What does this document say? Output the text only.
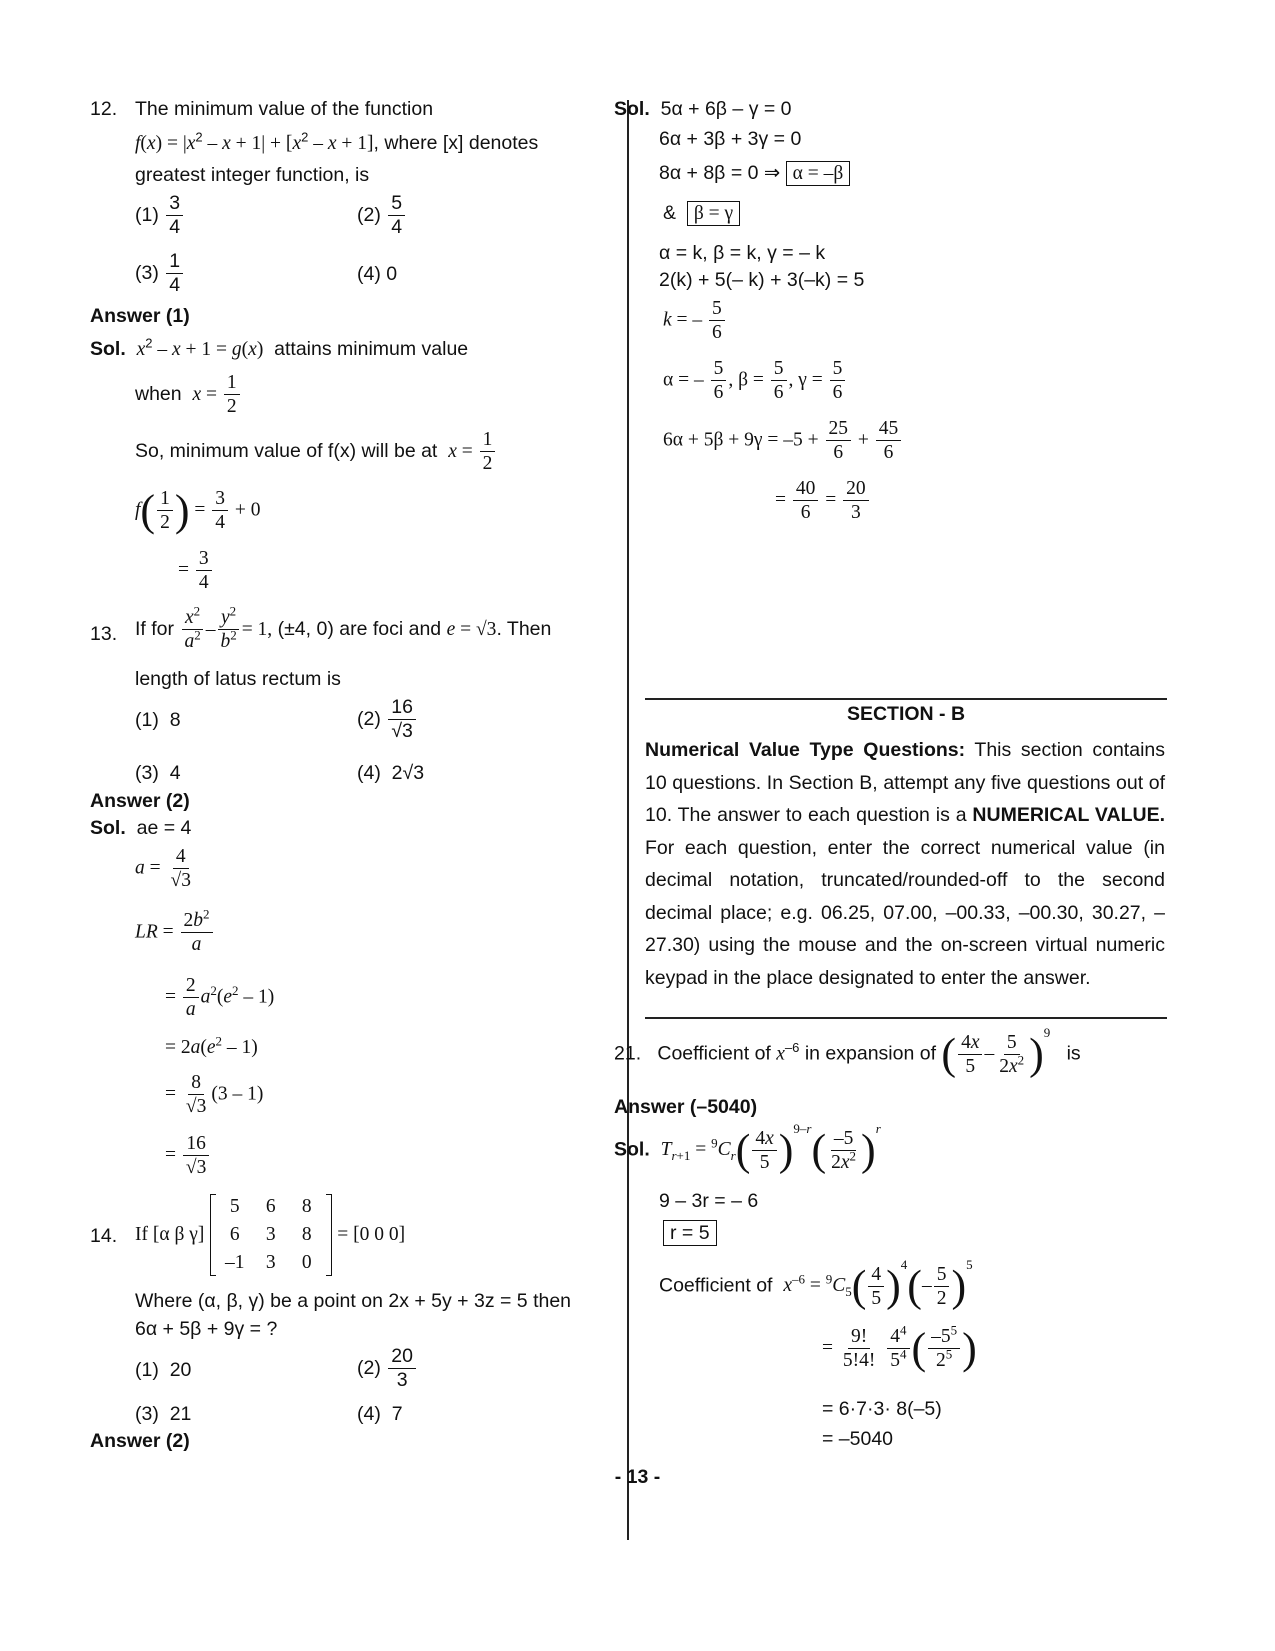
12. The minimum value of the function
$f(x) = |x^2 - x + 1| + [x^2 - x + 1]$, where [x] denotes
greatest integer function, is
$(1) \frac{3}{4}$	$(2) \frac{5}{4}$
$(3) \frac{1}{4}$	(4) 0
Answer (1)
Sol. $x^2 - x + 1 = g(x)$ attains minimum value
when $x = \frac{1}{2}$
So, minimum value of f(x) will be at $x = \frac{1}{2}$
$f( \frac{1}{2}$ ) = $\frac{3}{4} + 0$
= $\frac{3}{4}$
13. If for $\frac{x^2}{a^2} - \frac{y^2}{b^2} = 1$, (±4, 0) are foci and e = √3. Then
length of latus rectum is
(1) 8	$(2) \frac{16}{√3}$
(3) 4	(4)  2√3
Answer (2)
Sol. ae = 4
$a = \frac{4}{√3}$
LR = $\frac{2b^2}{a}$
= $\frac{2}{a} a^2(e^2 - 1)$
= $2a(e^2 - 1)$
= $\frac{8}{√3} (3 - 1)$
= $\frac{16}{√3}$
14. If [α β γ]
5	6	8
6	3	8
–1	3	0
= [0 0 0]
Where (α, β, γ) be a point on 2x + 5y + 3z = 5 then
6α + 5β + 9γ = ?
(1) 20	$(2) \frac{20}{3}$
(3) 21	(4) 7
Answer (2)
Sol. 5α + 6β – γ = 0
6α + 3β + 3γ = 0
8α + 8β = 0 ⇒ α = –β
& β = γ
α = k, β = k, γ = – k
2(k) + 5(– k) + 3(–k) = 5
k = – $\frac{5}{6}$
α = – $\frac{5}{6}$ , $\beta = \frac{5}{6}$ , $\gamma = \frac{5}{6}$
$6\alpha + 5\beta + 9\gamma = -5 + \frac{25}{6} + \frac{45}{6}$
= $\frac{40}{6} = \frac{20}{3}$
SECTION - B
Numerical Value Type Questions: This section contains 10 questions. In Section B, attempt any five questions out of 10. The answer to each question is a NUMERICAL VALUE. For each question, enter the correct numerical value (in decimal notation, truncated/rounded-off to the second decimal place; e.g. 06.25, 07.00, –00.33, –00.30, 30.27, –27.30) using the mouse and the on-screen virtual numeric keypad in the place designated to enter the answer.
21. Coefficient of $x^{-6}$ in expansion of ( $\frac{4x}{5} - \frac{5}{2x^2} )^9$   is
Answer (–5040)
Sol. $T_{r+1} = ^9C_r( \frac{4x}{5} )^{9-r}( \frac{-5}{2x^2} )^r$
9 – 3r = – 6
r = 5
Coefficient of $x^{-6} = ^9C_5( \frac{4}{5} )^4(- \frac{5}{2} )^5$
= $\frac{9!}{5!4!}$
$\frac{4^4}{5^4}$ ( $\frac{-5^5}{2^5}$ )
= 6·7·3· 8(–5)
= –5040
- 13 -
